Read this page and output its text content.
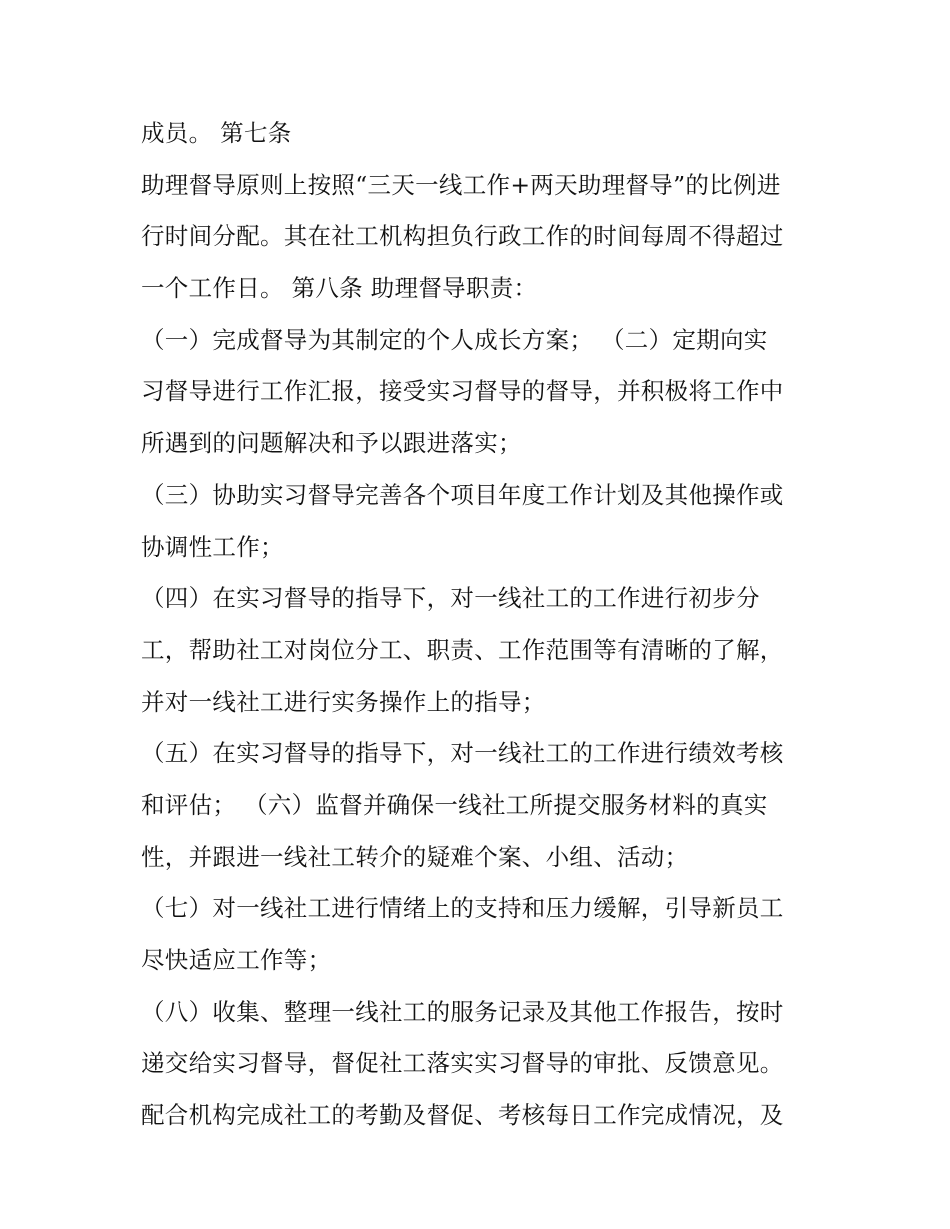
成员。 第七条
助理督导原则上按照“三天一线工作+两天助理督导”的比例进
行时间分配。其在社工机构担负行政工作的时间每周不得超过
一个工作日。 第八条 助理督导职责：
（一）完成督导为其制定的个人成长方案； （二）定期向实
习督导进行工作汇报，接受实习督导的督导，并积极将工作中
所遇到的问题解决和予以跟进落实；
（三）协助实习督导完善各个项目年度工作计划及其他操作或
协调性工作；
（四）在实习督导的指导下，对一线社工的工作进行初步分
工，帮助社工对岗位分工、职责、工作范围等有清晰的了解，
并对一线社工进行实务操作上的指导；
（五）在实习督导的指导下，对一线社工的工作进行绩效考核
和评估； （六）监督并确保一线社工所提交服务材料的真实
性，并跟进一线社工转介的疑难个案、小组、活动；
（七）对一线社工进行情绪上的支持和压力缓解，引导新员工
尽快适应工作等；
（八）收集、整理一线社工的服务记录及其他工作报告，按时
递交给实习督导，督促社工落实实习督导的审批、反馈意见。
配合机构完成社工的考勤及督促、考核每日工作完成情况，及
